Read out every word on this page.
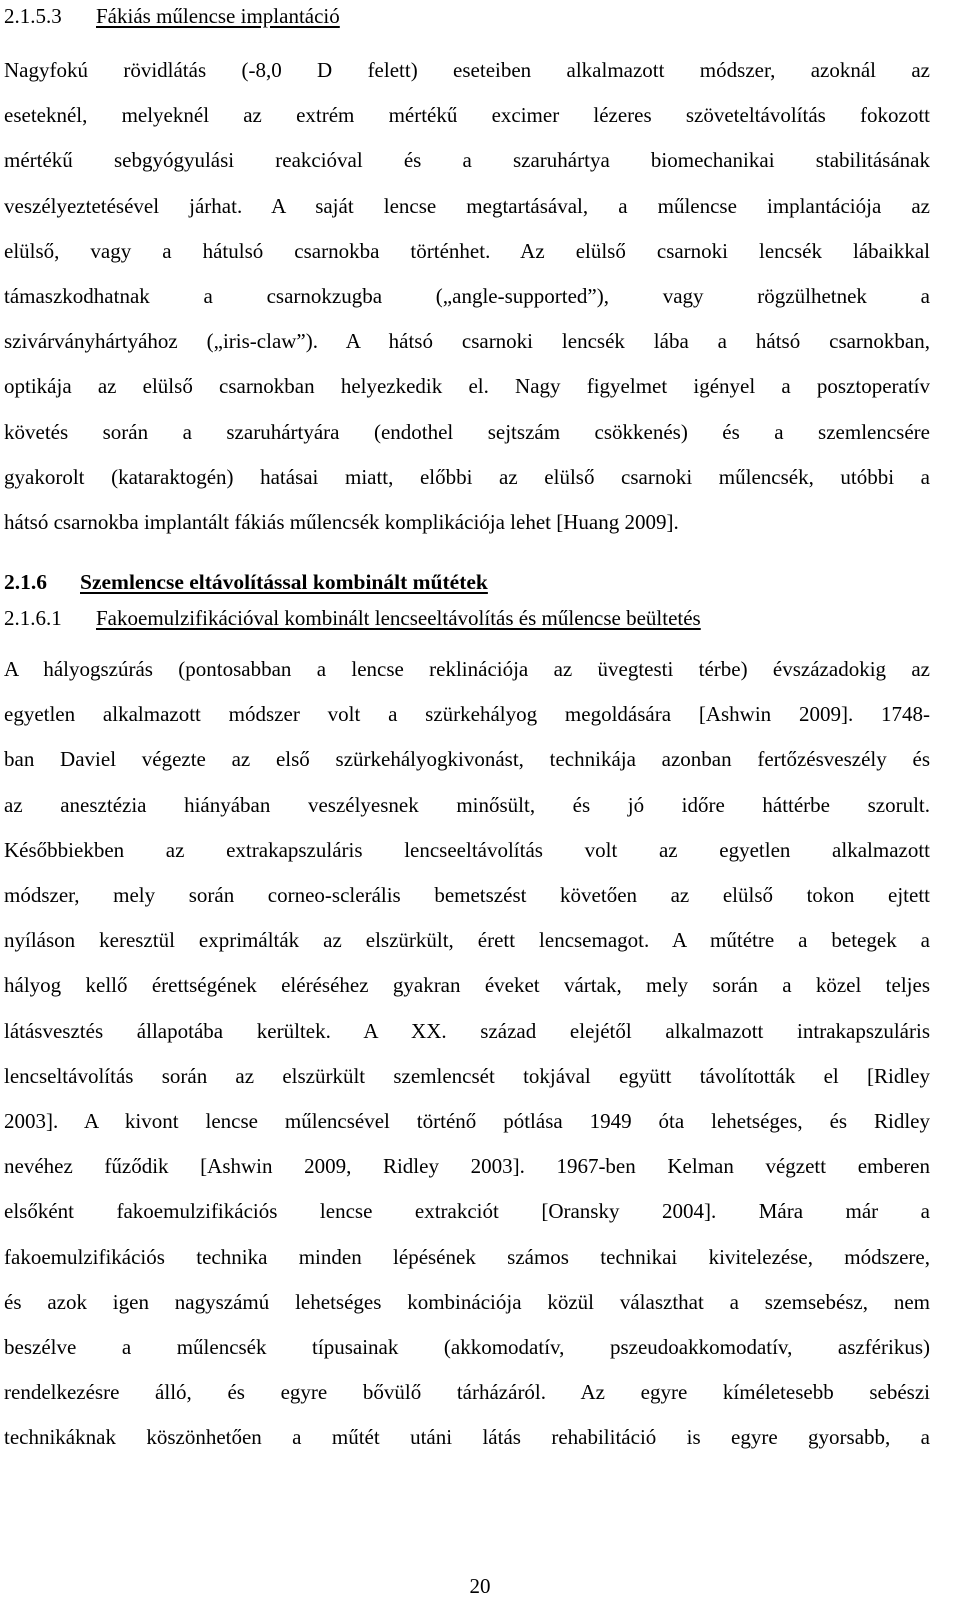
2.1.5.3 Fákiás műlencse implantáció
Nagyfokú rövidlátás (-8,0 D felett) eseteiben alkalmazott módszer, azoknál az
eseteknél, melyeknél az extrém mértékű excimer lézeres szöveteltávolítás fokozott
mértékű sebgyógyulási reakcióval és a szaruhártya biomechanikai stabilitásának
veszélyeztetésével járhat. A saját lencse megtartásával, a műlencse implantációja az
elülső, vagy a hátulsó csarnokba történhet. Az elülső csarnoki lencsék lábaikkal
támaszkodhatnak a csarnokzugba („angle-supported”), vagy rögzülhetnek a
szivárványhártyához („iris-claw”). A hátsó csarnoki lencsék lába a hátsó csarnokban,
optikája az elülső csarnokban helyezkedik el. Nagy figyelmet igényel a posztoperatív
követés során a szaruhártyára (endothel sejtszám csökkenés) és a szemlencsére
gyakorolt (kataraktogén) hatásai miatt, előbbi az elülső csarnoki műlencsék, utóbbi a
hátsó csarnokba implantált fákiás műlencsék komplikációja lehet [Huang 2009].
2.1.6 Szemlencse eltávolítással kombinált műtétek
2.1.6.1 Fakoemulzifikációval kombinált lencseeltávolítás és műlencse beültetés
A hályogszúrás (pontosabban a lencse reklinációja az üvegtesti térbe) évszázadokig az
egyetlen alkalmazott módszer volt a szürkehályog megoldására [Ashwin 2009]. 1748-
ban Daviel végezte az első szürkehályogkivonást, technikája azonban fertőzésveszély és
az anesztézia hiányában veszélyesnek minősült, és jó időre háttérbe szorult.
Későbbiekben az extrakapszuláris lencseeltávolítás volt az egyetlen alkalmazott
módszer, mely során corneo-sclerális bemetszést követően az elülső tokon ejtett
nyíláson keresztül exprimálták az elszürkült, érett lencsemagot. A műtétre a betegek a
hályog kellő érettségének eléréséhez gyakran éveket vártak, mely során a közel teljes
látásvesztés állapotába kerültek. A XX. század elejétől alkalmazott intrakapszuláris
lencseltávolítás során az elszürkült szemlencsét tokjával együtt távolították el [Ridley
2003]. A kivont lencse műlencsével történő pótlása 1949 óta lehetséges, és Ridley
nevéhez fűződik [Ashwin 2009, Ridley 2003]. 1967-ben Kelman végzett emberen
elsőként fakoemulzifikációs lencse extrakciót [Oransky 2004]. Mára már a
fakoemulzifikációs technika minden lépésének számos technikai kivitelezése, módszere,
és azok igen nagyszámú lehetséges kombinációja közül választhat a szemsebész, nem
beszélve a műlencsék típusainak (akkomodatív, pszeudoakkomodatív, aszférikus)
rendelkezésre álló, és egyre bővülő tárházáról. Az egyre kíméletesebb sebészi
technikáknak köszönhetően a műtét utáni látás rehabilitáció is egyre gyorsabb, a
20
